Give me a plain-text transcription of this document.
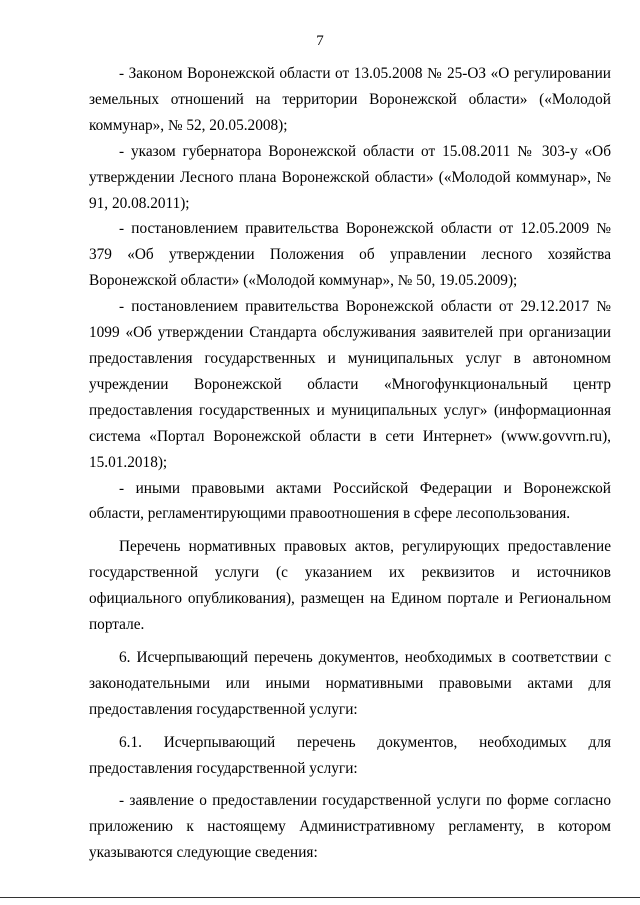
7

- Законом Воронежской области от 13.05.2008 № 25-ОЗ «О регулировании земельных отношений на территории Воронежской области» («Молодой коммунар», № 52, 20.05.2008);

- указом губернатора Воронежской области от 15.08.2011 № 303-у «Об утверждении Лесного плана Воронежской области» («Молодой коммунар», № 91, 20.08.2011);

- постановлением правительства Воронежской области от 12.05.2009 № 379 «Об утверждении Положения об управлении лесного хозяйства Воронежской области» («Молодой коммунар», № 50, 19.05.2009);

- постановлением правительства Воронежской области от 29.12.2017 № 1099 «Об утверждении Стандарта обслуживания заявителей при организации предоставления государственных и муниципальных услуг в автономном учреждении Воронежской области «Многофункциональный центр предоставления государственных и муниципальных услуг» (информационная система «Портал Воронежской области в сети Интернет» (www.govvrn.ru), 15.01.2018);

- иными правовыми актами Российской Федерации и Воронежской области, регламентирующими правоотношения в сфере лесопользования.

Перечень нормативных правовых актов, регулирующих предоставление государственной услуги (с указанием их реквизитов и источников официального опубликования), размещен на Едином портале и Региональном портале.

6. Исчерпывающий перечень документов, необходимых в соответствии с законодательными или иными нормативными правовыми актами для предоставления государственной услуги:

6.1. Исчерпывающий перечень документов, необходимых для предоставления государственной услуги:

- заявление о предоставлении государственной услуги по форме согласно приложению к настоящему Административному регламенту, в котором указываются следующие сведения:
